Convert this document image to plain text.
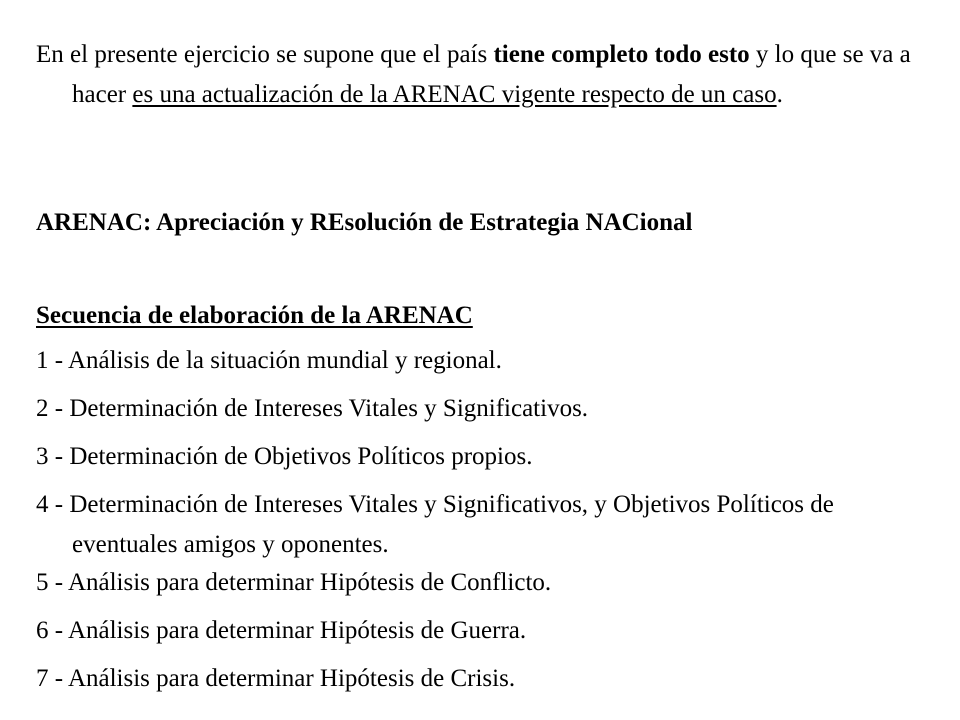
En el presente ejercicio se supone que el país tiene completo todo esto y lo que se va a hacer es una actualización de la ARENAC vigente respecto de un caso.
ARENAC: Apreciación y REsolución de Estrategia NACional
Secuencia de elaboración de la ARENAC
1 - Análisis de la situación mundial y regional.
2 - Determinación de Intereses Vitales y Significativos.
3 - Determinación de Objetivos Políticos propios.
4 - Determinación de Intereses Vitales y Significativos, y Objetivos Políticos de eventuales amigos y oponentes.
5 - Análisis para determinar Hipótesis de Conflicto.
6 - Análisis para determinar Hipótesis de Guerra.
7 - Análisis para determinar Hipótesis de Crisis.
